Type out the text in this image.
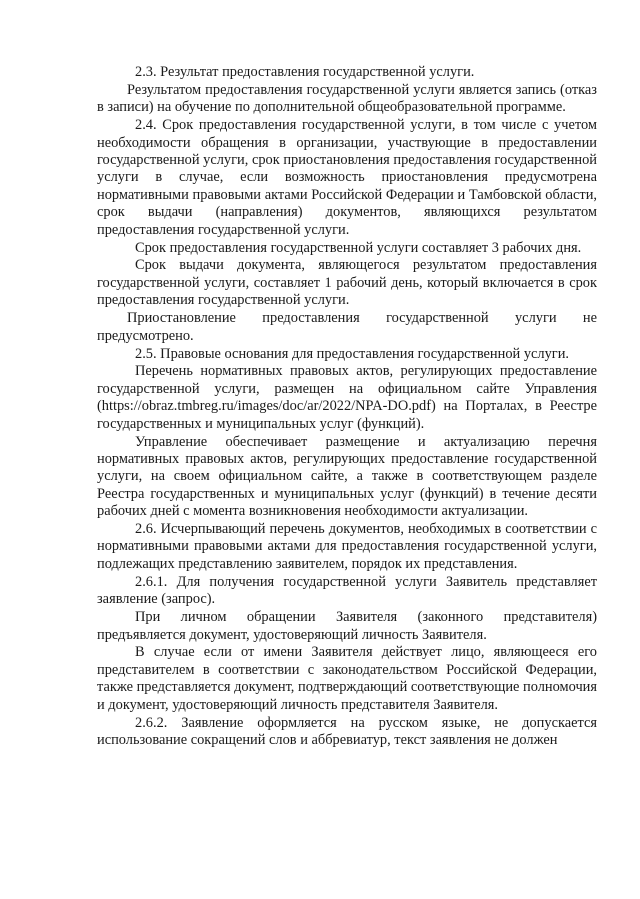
2.3. Результат предоставления государственной услуги.

Результатом предоставления государственной услуги является запись (отказ в записи) на обучение по дополнительной общеобразовательной программе.

2.4. Срок предоставления государственной услуги, в том числе с учетом необходимости обращения в организации, участвующие в предоставлении государственной услуги, срок приостановления предоставления государственной услуги в случае, если возможность приостановления предусмотрена нормативными правовыми актами Российской Федерации и Тамбовской области, срок выдачи (направления) документов, являющихся результатом предоставления государственной услуги.

Срок предоставления государственной услуги составляет 3 рабочих дня.

Срок выдачи документа, являющегося результатом предоставления государственной услуги, составляет 1 рабочий день, который включается в срок предоставления государственной услуги.

Приостановление предоставления государственной услуги не предусмотрено.

2.5. Правовые основания для предоставления государственной услуги.

Перечень нормативных правовых актов, регулирующих предоставление государственной услуги, размещен на официальном сайте Управления (https://obraz.tmbreg.ru/images/doc/ar/2022/NPA-DO.pdf) на Порталах, в Реестре государственных и муниципальных услуг (функций).

Управление обеспечивает размещение и актуализацию перечня нормативных правовых актов, регулирующих предоставление государственной услуги, на своем официальном сайте, а также в соответствующем разделе Реестра государственных и муниципальных услуг (функций) в течение десяти рабочих дней с момента возникновения необходимости актуализации.

2.6. Исчерпывающий перечень документов, необходимых в соответствии с нормативными правовыми актами для предоставления государственной услуги, подлежащих представлению заявителем, порядок их представления.

2.6.1. Для получения государственной услуги Заявитель представляет заявление (запрос).

При личном обращении Заявителя (законного представителя) предъявляется документ, удостоверяющий личность Заявителя.

В случае если от имени Заявителя действует лицо, являющееся его представителем в соответствии с законодательством Российской Федерации, также представляется документ, подтверждающий соответствующие полномочия и документ, удостоверяющий личность представителя Заявителя.

2.6.2. Заявление оформляется на русском языке, не допускается использование сокращений слов и аббревиатур, текст заявления не должен
